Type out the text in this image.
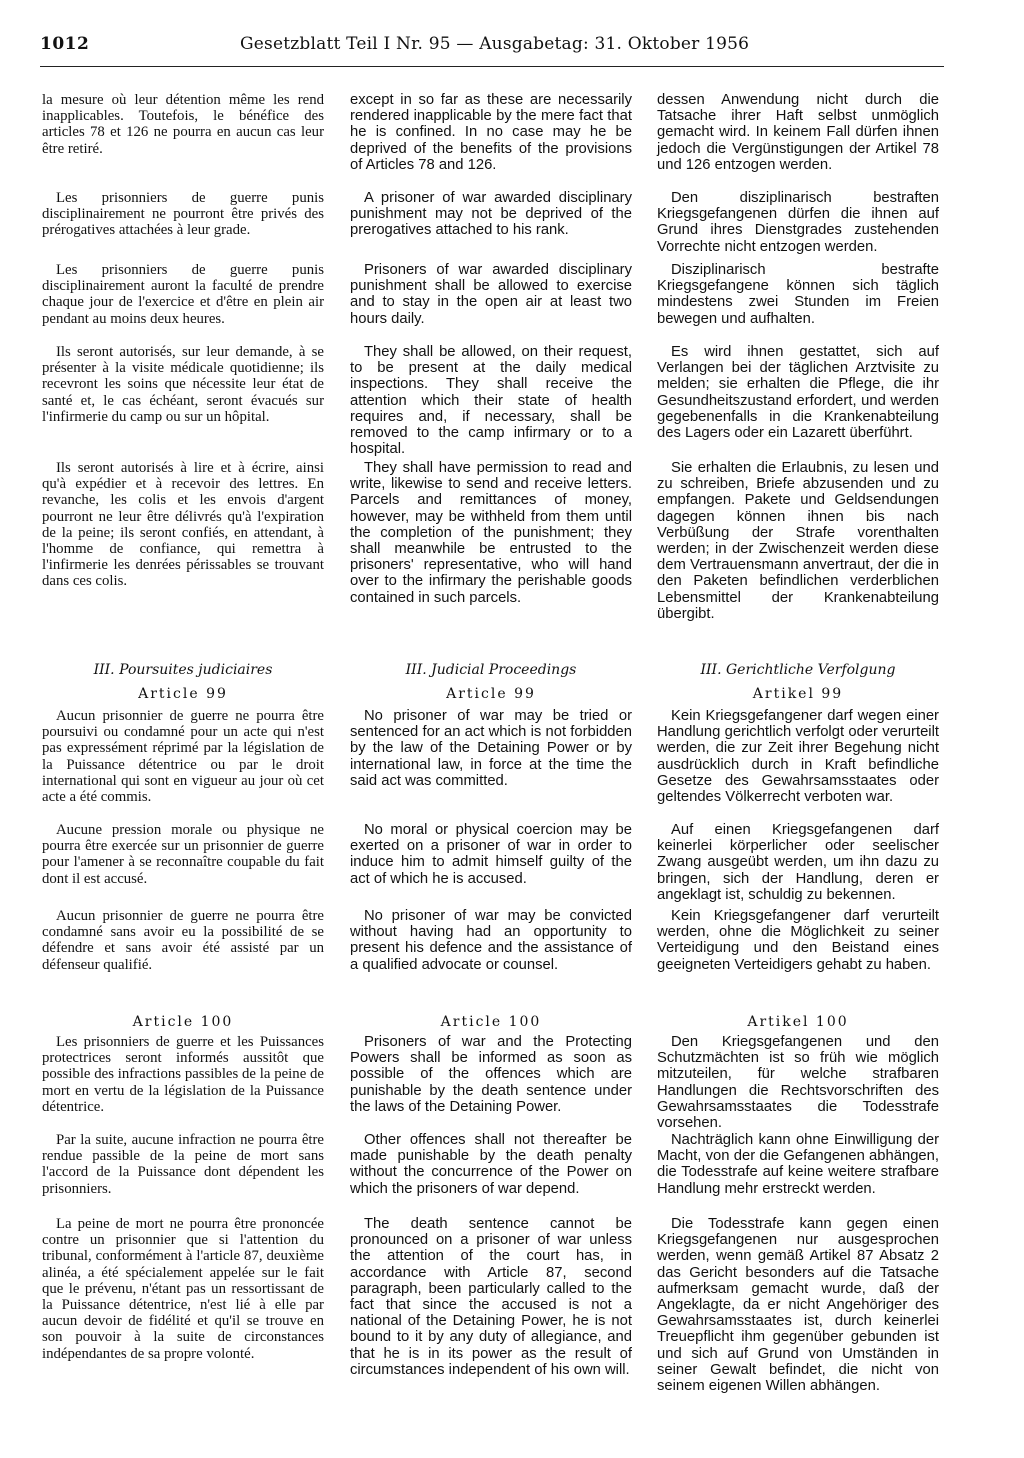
1012	Gesetzblatt Teil I Nr. 95 — Ausgabetag: 31. Oktober 1956

la mesure où leur détention même les rend inapplicables. Toutefois, le bénéfice des articles 78 et 126 ne pourra en aucun cas leur être retiré.

Les prisonniers de guerre punis disciplinairement ne pourront être privés des prérogatives attachées à leur grade.

Les prisonniers de guerre punis disciplinairement auront la faculté de prendre chaque jour de l'exercice et d'être en plein air pendant au moins deux heures.

Ils seront autorisés, sur leur demande, à se présenter à la visite médicale quotidienne; ils recevront les soins que nécessite leur état de santé et, le cas échéant, seront évacués sur l'infirmerie du camp ou sur un hôpital.

Ils seront autorisés à lire et à écrire, ainsi qu'à expédier et à recevoir des lettres. En revanche, les colis et les envois d'argent pourront ne leur être délivrés qu'à l'expiration de la peine; ils seront confiés, en attendant, à l'homme de confiance, qui remettra à l'infirmerie les denrées périssables se trouvant dans ces colis.

III. Poursuites judiciaires
Article 99

Aucun prisonnier de guerre ne pourra être poursuivi ou condamné pour un acte qui n'est pas expressément réprimé par la législation de la Puissance détentrice ou par le droit international qui sont en vigueur au jour où cet acte a été commis.

Aucune pression morale ou physique ne pourra être exercée sur un prisonnier de guerre pour l'amener à se reconnaître coupable du fait dont il est accusé.

Aucun prisonnier de guerre ne pourra être condamné sans avoir eu la possibilité de se défendre et sans avoir été assisté par un défenseur qualifié.

Article 100

Les prisonniers de guerre et les Puissances protectrices seront informés aussitôt que possible des infractions passibles de la peine de mort en vertu de la législation de la Puissance détentrice.

Par la suite, aucune infraction ne pourra être rendue passible de la peine de mort sans l'accord de la Puissance dont dépendent les prisonniers.

La peine de mort ne pourra être prononcée contre un prisonnier que si l'attention du tribunal, conformément à l'article 87, deuxième alinéa, a été spécialement appelée sur le fait que le prévenu, n'étant pas un ressortissant de la Puissance détentrice, n'est lié à elle par aucun devoir de fidélité et qu'il se trouve en son pouvoir à la suite de circonstances indépendantes de sa propre volonté.

except in so far as these are necessarily rendered inapplicable by the mere fact that he is confined. In no case may he be deprived of the benefits of the provisions of Articles 78 and 126.

A prisoner of war awarded disciplinary punishment may not be deprived of the prerogatives attached to his rank.

Prisoners of war awarded disciplinary punishment shall be allowed to exercise and to stay in the open air at least two hours daily.

They shall be allowed, on their request, to be present at the daily medical inspections. They shall receive the attention which their state of health requires and, if necessary, shall be removed to the camp infirmary or to a hospital.

They shall have permission to read and write, likewise to send and receive letters. Parcels and remittances of money, however, may be withheld from them until the completion of the punishment; they shall meanwhile be entrusted to the prisoners' representative, who will hand over to the infirmary the perishable goods contained in such parcels.

III. Judicial Proceedings
Article 99

No prisoner of war may be tried or sentenced for an act which is not forbidden by the law of the Detaining Power or by international law, in force at the time the said act was committed.

No moral or physical coercion may be exerted on a prisoner of war in order to induce him to admit himself guilty of the act of which he is accused.

No prisoner of war may be convicted without having had an opportunity to present his defence and the assistance of a qualified advocate or counsel.

Article 100

Prisoners of war and the Protecting Powers shall be informed as soon as possible of the offences which are punishable by the death sentence under the laws of the Detaining Power.

Other offences shall not thereafter be made punishable by the death penalty without the concurrence of the Power on which the prisoners of war depend.

The death sentence cannot be pronounced on a prisoner of war unless the attention of the court has, in accordance with Article 87, second paragraph, been particularly called to the fact that since the accused is not a national of the Detaining Power, he is not bound to it by any duty of allegiance, and that he is in its power as the result of circumstances independent of his own will.

dessen Anwendung nicht durch die Tatsache ihrer Haft selbst unmöglich gemacht wird. In keinem Fall dürfen ihnen jedoch die Vergünstigungen der Artikel 78 und 126 entzogen werden.

Den disziplinarisch bestraften Kriegsgefangenen dürfen die ihnen auf Grund ihres Dienstgrades zustehenden Vorrechte nicht entzogen werden.

Disziplinarisch bestrafte Kriegsgefangene können sich täglich mindestens zwei Stunden im Freien bewegen und aufhalten.

Es wird ihnen gestattet, sich auf Verlangen bei der täglichen Arztvisite zu melden; sie erhalten die Pflege, die ihr Gesundheitszustand erfordert, und werden gegebenenfalls in die Krankenabteilung des Lagers oder ein Lazarett überführt.

Sie erhalten die Erlaubnis, zu lesen und zu schreiben, Briefe abzusenden und zu empfangen. Pakete und Geldsendungen dagegen können ihnen bis nach Verbüßung der Strafe vorenthalten werden; in der Zwischenzeit werden diese dem Vertrauensmann anvertraut, der die in den Paketen befindlichen verderblichen Lebensmittel der Krankenabteilung übergibt.

III. Gerichtliche Verfolgung
Artikel 99

Kein Kriegsgefangener darf wegen einer Handlung gerichtlich verfolgt oder verurteilt werden, die zur Zeit ihrer Begehung nicht ausdrücklich durch in Kraft befindliche Gesetze des Gewahrsamsstaates oder geltendes Völkerrecht verboten war.

Auf einen Kriegsgefangenen darf keinerlei körperlicher oder seelischer Zwang ausgeübt werden, um ihn dazu zu bringen, sich der Handlung, deren er angeklagt ist, schuldig zu bekennen.

Kein Kriegsgefangener darf verurteilt werden, ohne die Möglichkeit zu seiner Verteidigung und den Beistand eines geeigneten Verteidigers gehabt zu haben.

Artikel 100

Den Kriegsgefangenen und den Schutzmächten ist so früh wie möglich mitzuteilen, für welche strafbaren Handlungen die Rechtsvorschriften des Gewahrsamsstaates die Todesstrafe vorsehen.

Nachträglich kann ohne Einwilligung der Macht, von der die Gefangenen abhängen, die Todesstrafe auf keine weitere strafbare Handlung mehr erstreckt werden.

Die Todesstrafe kann gegen einen Kriegsgefangenen nur ausgesprochen werden, wenn gemäß Artikel 87 Absatz 2 das Gericht besonders auf die Tatsache aufmerksam gemacht wurde, daß der Angeklagte, da er nicht Angehöriger des Gewahrsamsstaates ist, durch keinerlei Treuepflicht ihm gegenüber gebunden ist und sich auf Grund von Umständen in seiner Gewalt befindet, die nicht von seinem eigenen Willen abhängen.
